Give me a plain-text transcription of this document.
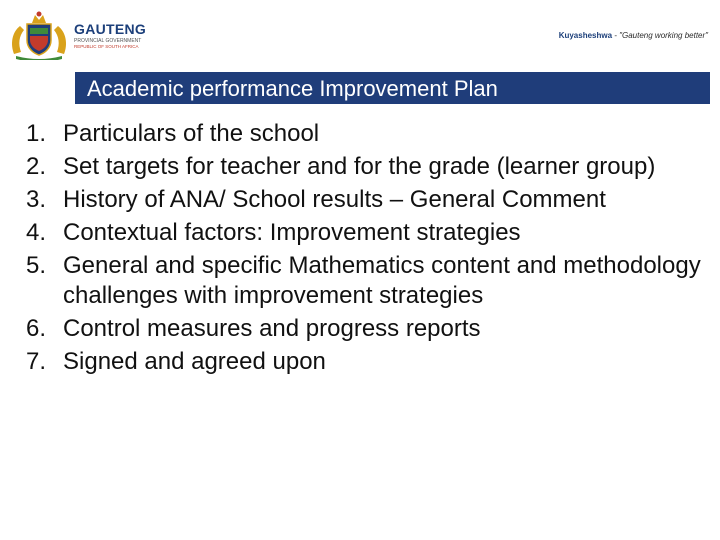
GAUTENG
PROVINCIAL GOVERNMENT
REPUBLIC OF SOUTH AFRICA
Kuyasheshwa - "Gauteng working better"
Academic performance Improvement Plan
1. Particulars of the school
2. Set targets for teacher and for the grade (learner group)
3. History of ANA/ School results – General Comment
4. Contextual factors: Improvement strategies
5. General and specific Mathematics content and methodology challenges with improvement strategies
6. Control measures and progress reports
7. Signed and agreed upon
